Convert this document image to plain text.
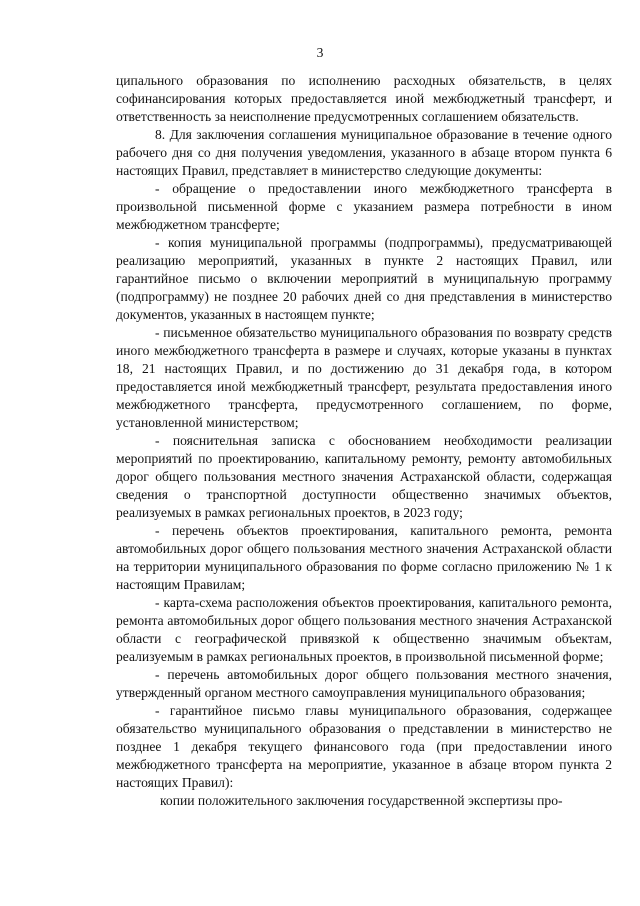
3

ципального образования по исполнению расходных обязательств, в целях софинансирования которых предоставляется иной межбюджетный трансферт, и ответственность за неисполнение предусмотренных соглашением обязательств.

8. Для заключения соглашения муниципальное образование в течение одного рабочего дня со дня получения уведомления, указанного в абзаце втором пункта 6 настоящих Правил, представляет в министерство следующие документы:

- обращение о предоставлении иного межбюджетного трансферта в произвольной письменной форме с указанием размера потребности в ином межбюджетном трансферте;

- копия муниципальной программы (подпрограммы), предусматривающей реализацию мероприятий, указанных в пункте 2 настоящих Правил, или гарантийное письмо о включении мероприятий в муниципальную программу (подпрограмму) не позднее 20 рабочих дней со дня представления в министерство документов, указанных в настоящем пункте;

- письменное обязательство муниципального образования по возврату средств иного межбюджетного трансферта в размере и случаях, которые указаны в пунктах 18, 21 настоящих Правил, и по достижению до 31 декабря года, в котором предоставляется иной межбюджетный трансферт, результата предоставления иного межбюджетного трансферта, предусмотренного соглашением, по форме, установленной министерством;

- пояснительная записка с обоснованием необходимости реализации мероприятий по проектированию, капитальному ремонту, ремонту автомобильных дорог общего пользования местного значения Астраханской области, содержащая сведения о транспортной доступности общественно значимых объектов, реализуемых в рамках региональных проектов, в 2023 году;

- перечень объектов проектирования, капитального ремонта, ремонта автомобильных дорог общего пользования местного значения Астраханской области на территории муниципального образования по форме согласно приложению № 1 к настоящим Правилам;

- карта-схема расположения объектов проектирования, капитального ремонта, ремонта автомобильных дорог общего пользования местного значения Астраханской области с географической привязкой к общественно значимым объектам, реализуемым в рамках региональных проектов, в произвольной письменной форме;

- перечень автомобильных дорог общего пользования местного значения, утвержденный органом местного самоуправления муниципального образования;

- гарантийное письмо главы муниципального образования, содержащее обязательство муниципального образования о представлении в министерство не позднее 1 декабря текущего финансового года (при предоставлении иного межбюджетного трансферта на мероприятие, указанное в абзаце втором пункта 2 настоящих Правил):

копии положительного заключения государственной экспертизы про-
